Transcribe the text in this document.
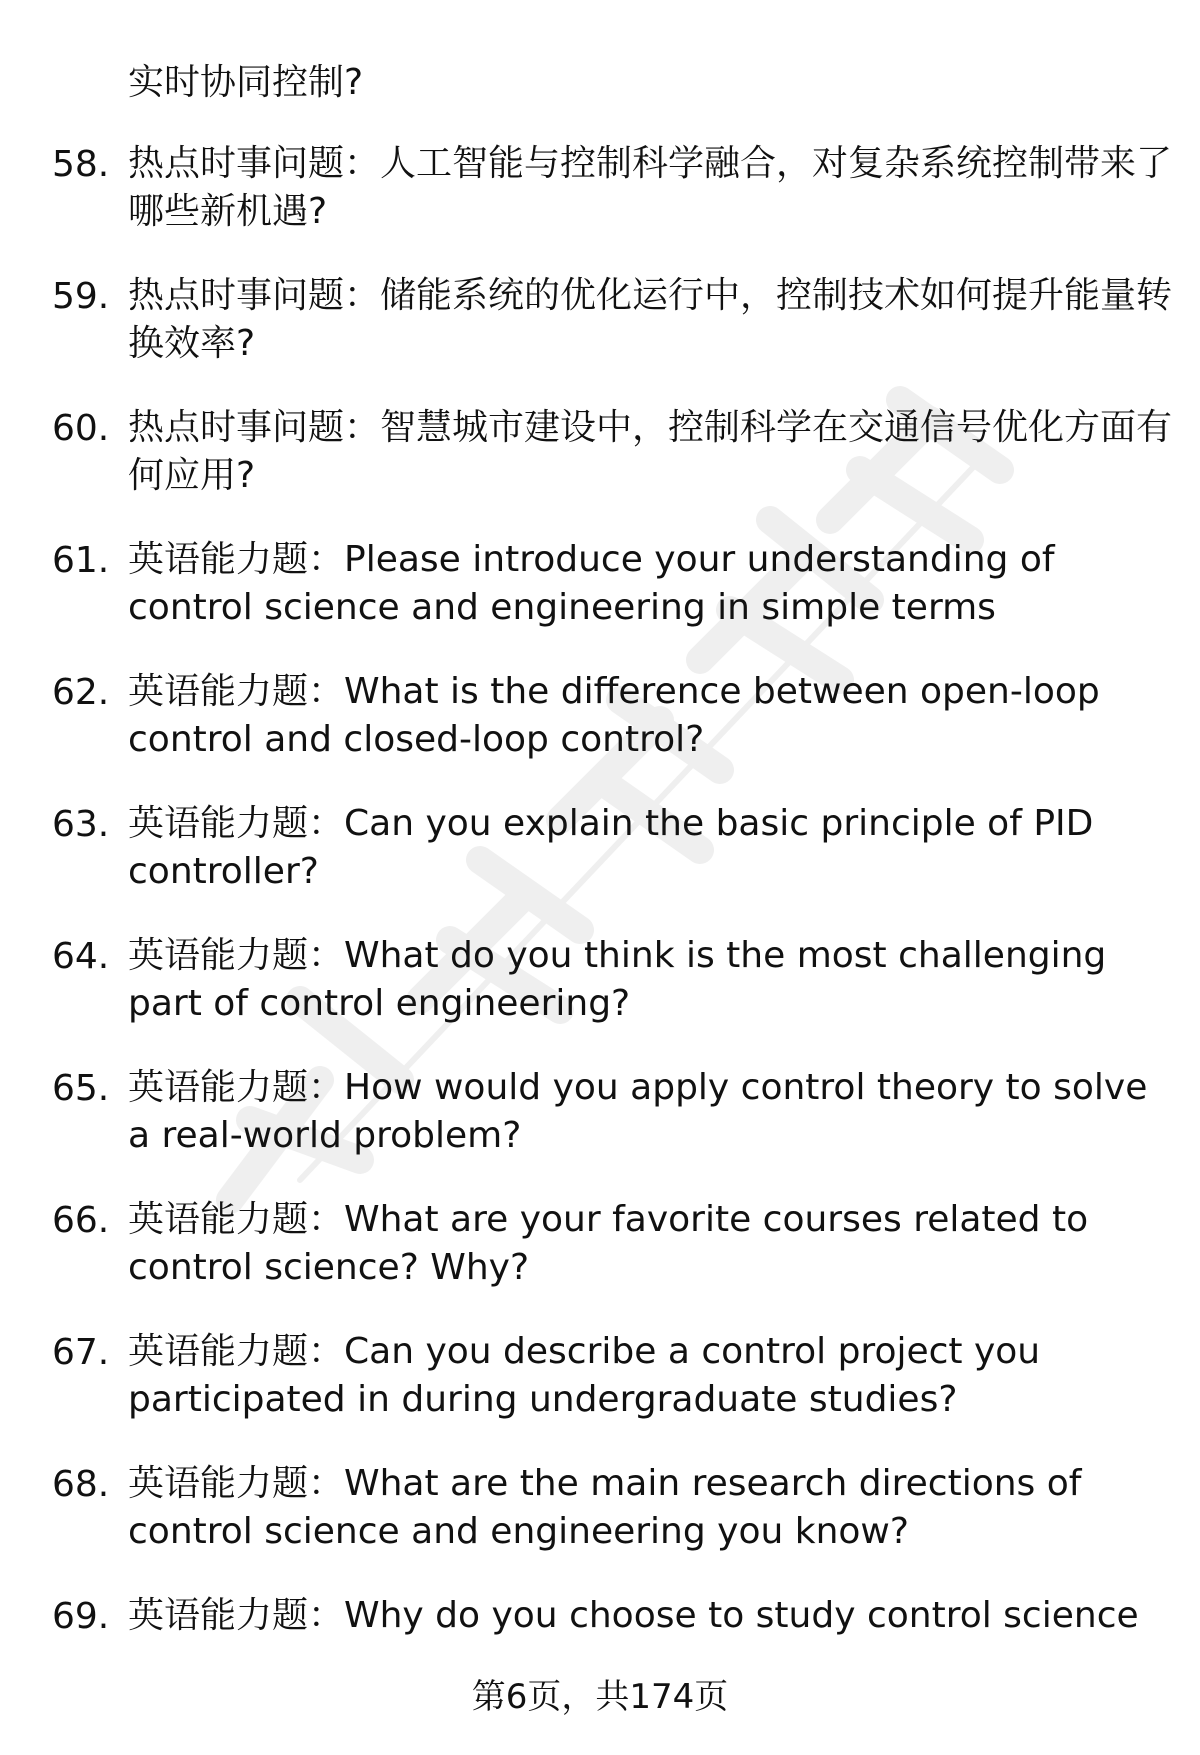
实时协同控制?

58. 热点时事问题：人工智能与控制科学融合，对复杂系统控制带来了哪些新机遇?
59. 热点时事问题：储能系统的优化运行中，控制技术如何提升能量转换效率?
60. 热点时事问题：智慧城市建设中，控制科学在交通信号优化方面有何应用?
61. 英语能力题：Please introduce your understanding of control science and engineering in simple terms
62. 英语能力题：What is the difference between open-loop control and closed-loop control?
63. 英语能力题：Can you explain the basic principle of PID controller?
64. 英语能力题：What do you think is the most challenging part of control engineering?
65. 英语能力题：How would you apply control theory to solve a real-world problem?
66. 英语能力题：What are your favorite courses related to control science? Why?
67. 英语能力题：Can you describe a control project you participated in during undergraduate studies?
68. 英语能力题：What are the main research directions of control science and engineering you know?
69. 英语能力题：Why do you choose to study control science
第6页，共174页
